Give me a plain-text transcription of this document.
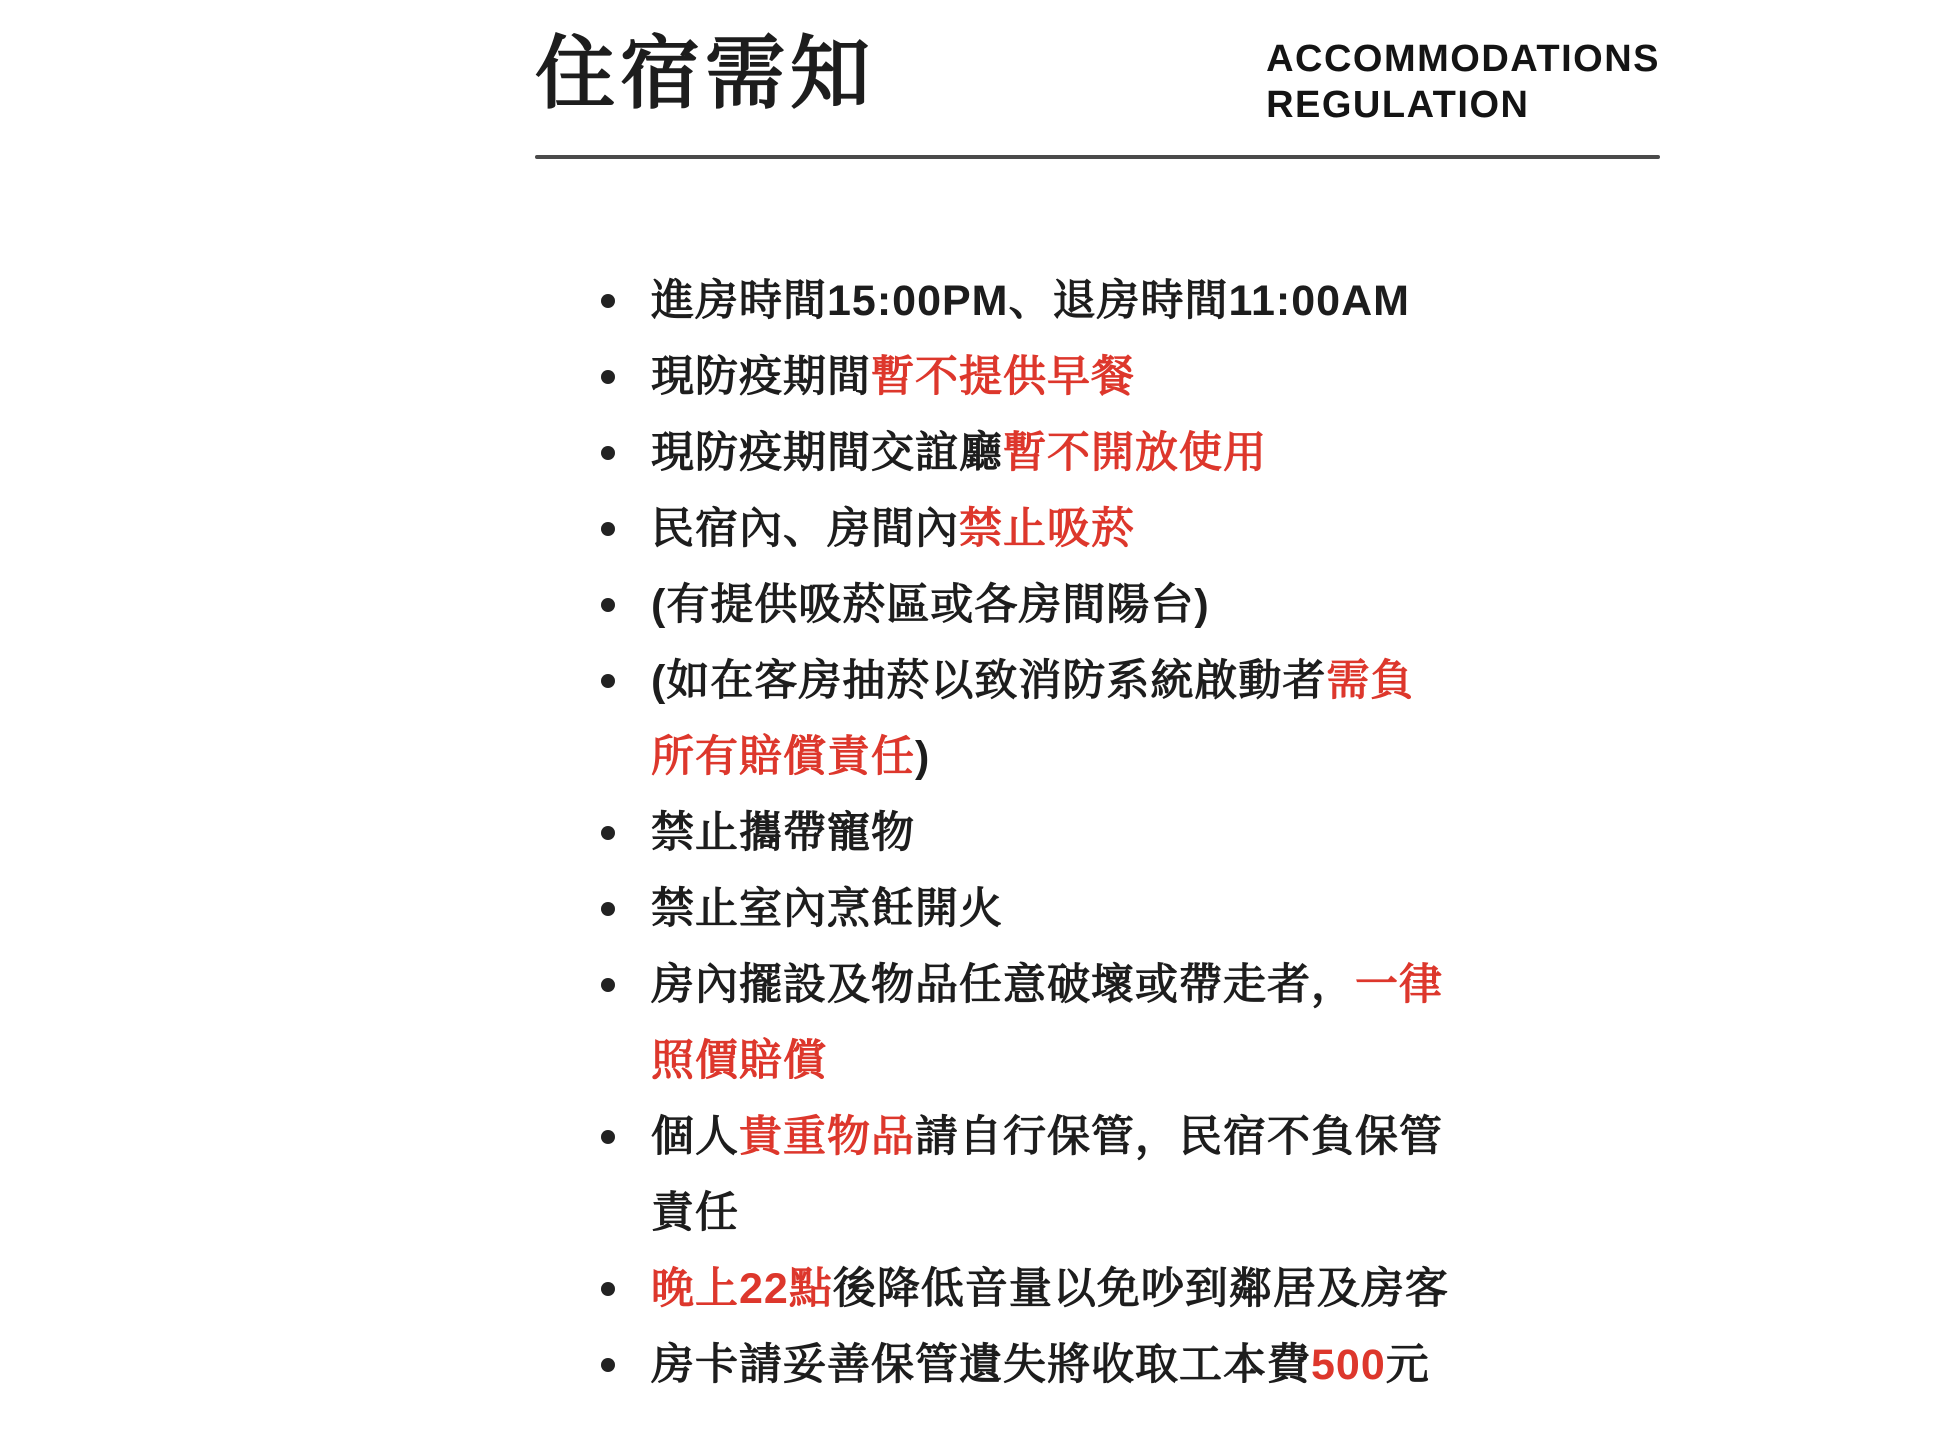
住宿需知	ACCOMMODATIONS
REGULATION
進房時間15:00PM、退房時間11:00AM
現防疫期間暫不提供早餐
現防疫期間交誼廳暫不開放使用
民宿內、房間內禁止吸菸
(有提供吸菸區或各房間陽台)
(如在客房抽菸以致消防系統啟動者需負
所有賠償責任)
禁止攜帶寵物
禁止室內烹飪開火
房內擺設及物品任意破壞或帶走者，一律
照價賠償
個人貴重物品請自行保管，民宿不負保管
責任
晚上22點後降低音量以免吵到鄰居及房客
房卡請妥善保管遺失將收取工本費500元
